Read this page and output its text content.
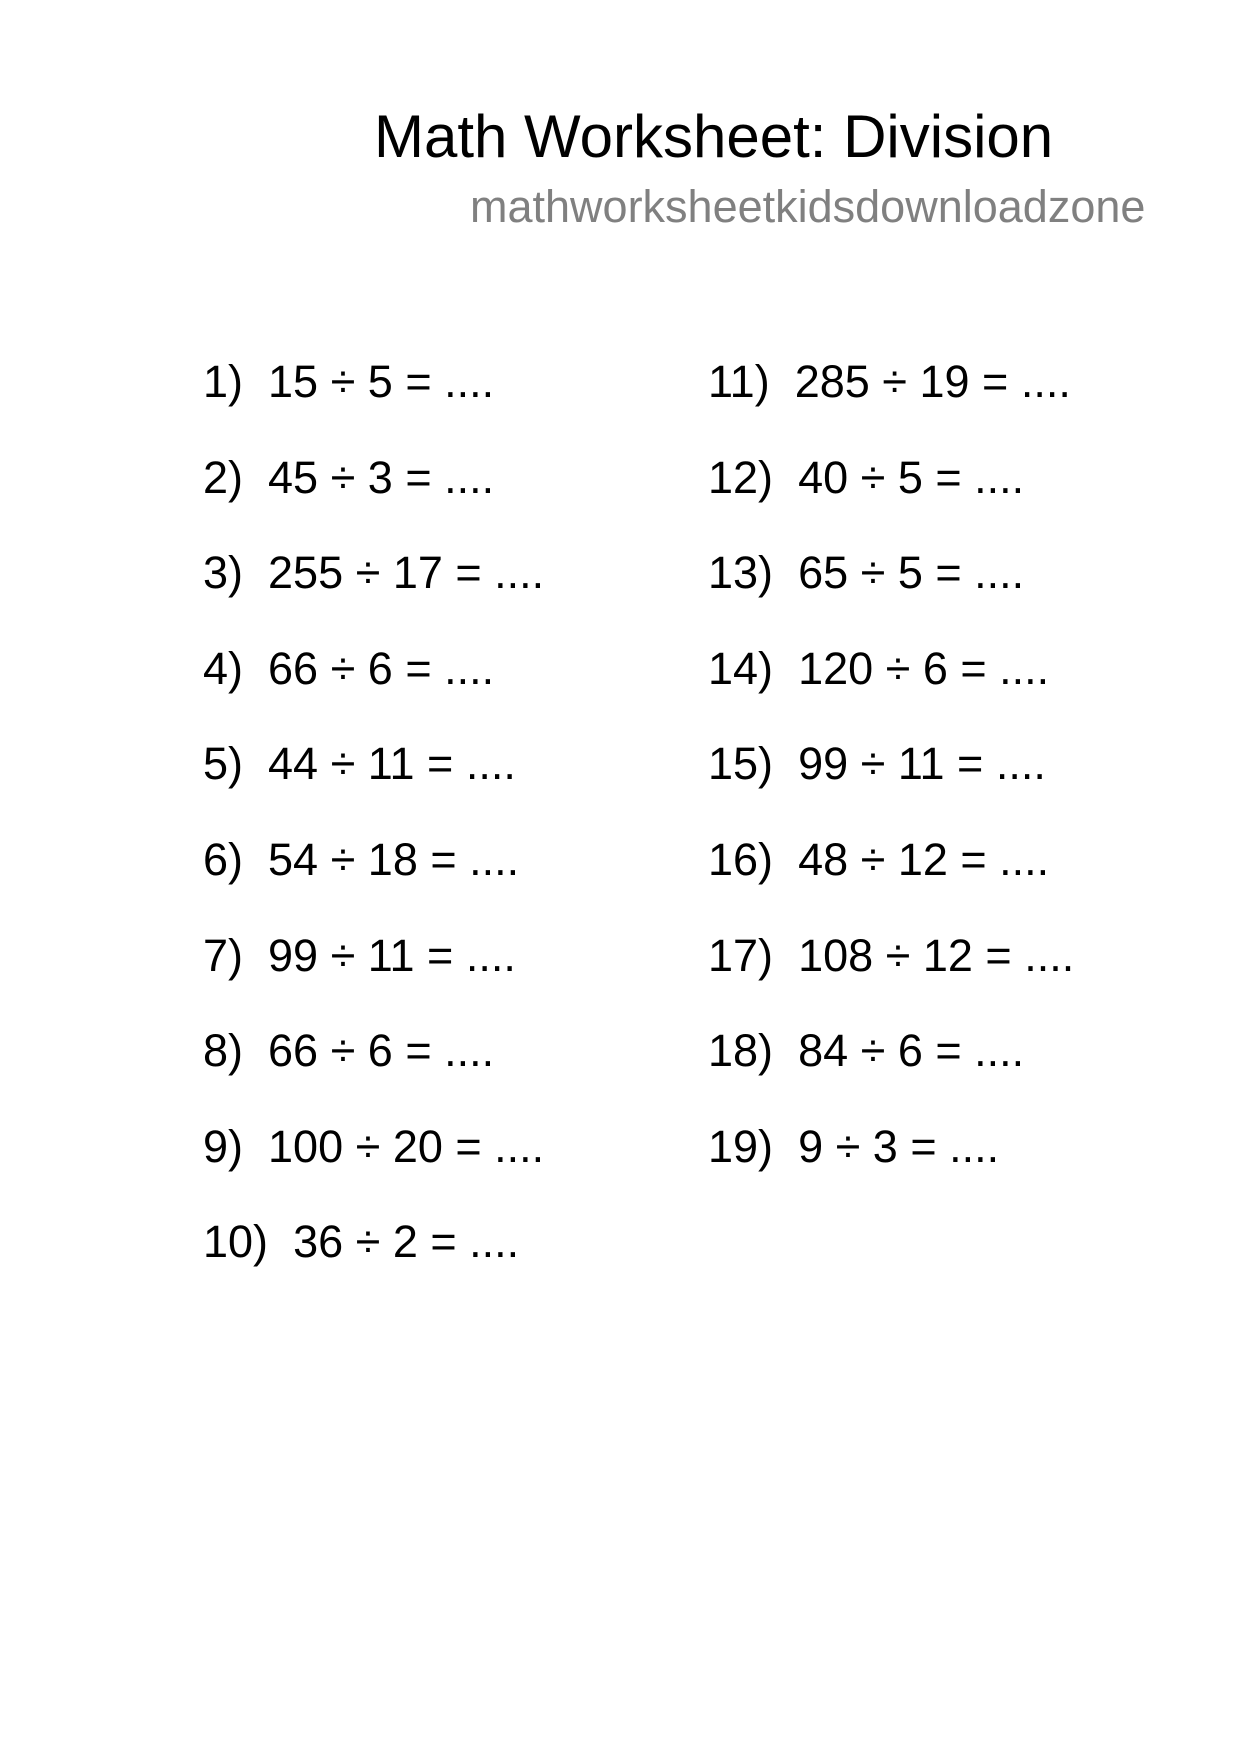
Math Worksheet: Division
mathworksheetkidsdownloadzone
1) 15 ÷ 5 = ....
2) 45 ÷ 3 = ....
3) 255 ÷ 17 = ....
4) 66 ÷ 6 = ....
5) 44 ÷ 11 = ....
6) 54 ÷ 18 = ....
7) 99 ÷ 11 = ....
8) 66 ÷ 6 = ....
9) 100 ÷ 20 = ....
10) 36 ÷ 2 = ....
11) 285 ÷ 19 = ....
12) 40 ÷ 5 = ....
13) 65 ÷ 5 = ....
14) 120 ÷ 6 = ....
15) 99 ÷ 11 = ....
16) 48 ÷ 12 = ....
17) 108 ÷ 12 = ....
18) 84 ÷ 6 = ....
19) 9 ÷ 3 = ....
